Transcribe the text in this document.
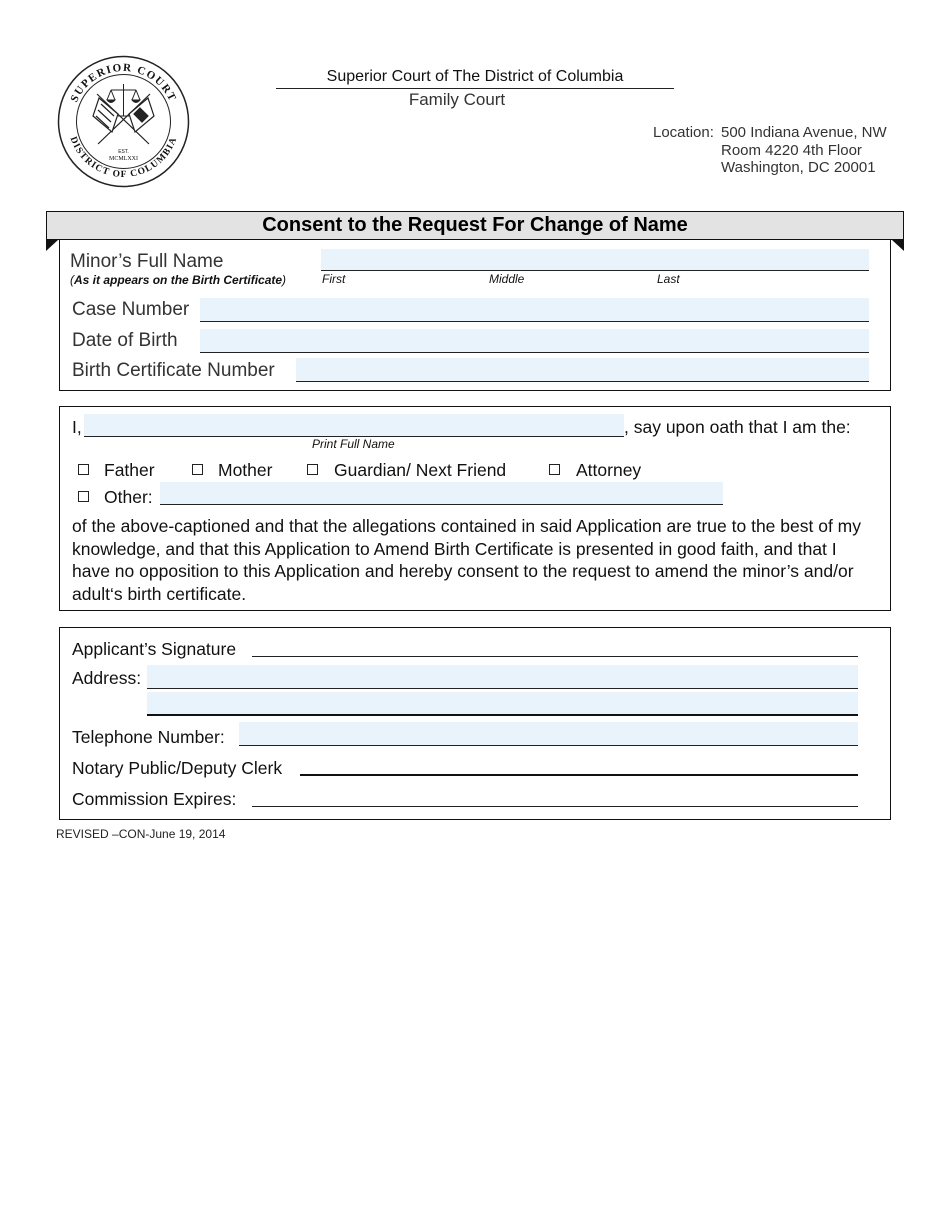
SUPERIOR COURT
DISTRICT OF COLUMBIA
EST.
MCMLXXI
Superior Court of The District of Columbia
Family Court
Location: 500 Indiana Avenue, NW
Room 4220 4th Floor
Washington, DC 20001
Consent to the Request For Change of Name
Minor’s Full Name
(As it appears on the Birth Certificate)	First	Middle	Last
Case Number
Date of Birth
Birth Certificate Number
I,	, say upon oath that I am the:
Print Full Name
Father	Mother	Guardian/ Next Friend	Attorney
Other:
of the above-captioned and that the allegations contained in said Application are true to the best of my knowledge, and that this Application to Amend Birth Certificate is presented in good faith, and that I have no opposition to this Application and hereby consent to the request to amend the minor’s and/or adult‘s birth certificate.
Applicant’s Signature
Address:
Telephone Number:
Notary Public/Deputy Clerk
Commission Expires:
REVISED –CON-June 19, 2014
